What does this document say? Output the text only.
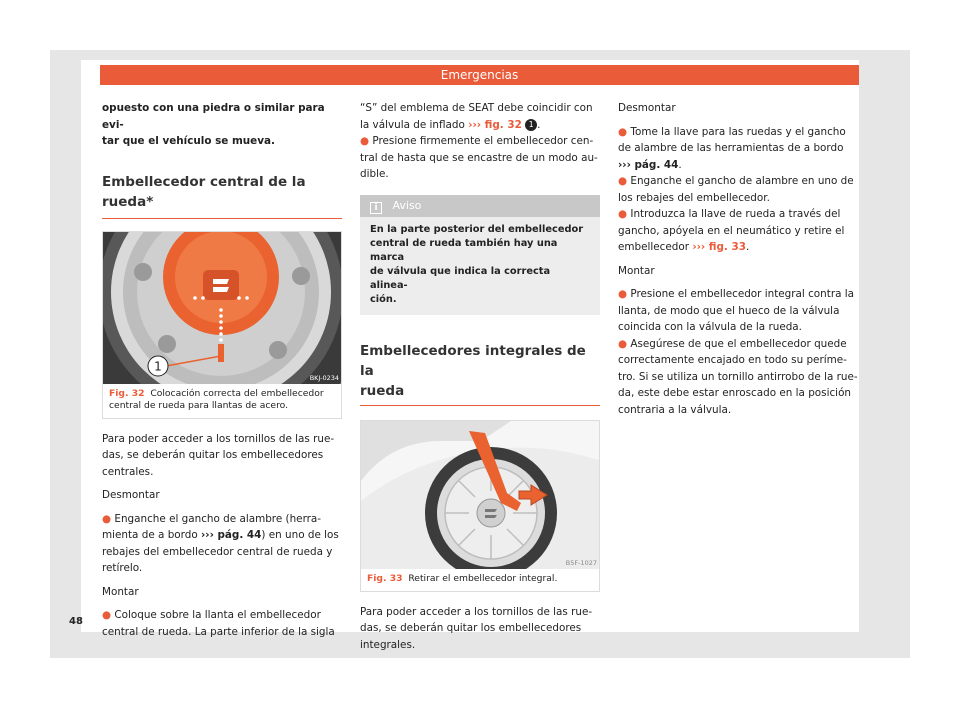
Emergencias

opuesto con una piedra o similar para evi-

tar que el vehículo se mueva.

Embellecedor central de la rueda*
1
BKJ-0234
Fig. 32 Colocación correcta del embellecedor
central de rueda para llantas de acero.

Para poder acceder a los tornillos de las rue-

das, se deberán quitar los embellecedores

centrales.

Desmontar

● Enganche el gancho de alambre (herra-

mienta de a bordo ››› pág. 44) en uno de los

rebajes del embellecedor central de rueda y

retírelo.

Montar

● Coloque sobre la llanta el embellecedor

central de rueda. La parte inferior de la sigla

“S” del emblema de SEAT debe coincidir con

la válvula de inflado ››› fig. 32 1 .

● Presione firmemente el embellecedor cen-

tral de hasta que se encastre de un modo au-

dible.

i Aviso
En la parte posterior del embellecedor
central de rueda también hay una marca
de válvula que indica la correcta alinea-
ción.
Embellecedores integrales de la
rueda
B5F-1027
Fig. 33 Retirar el embellecedor integral.

Para poder acceder a los tornillos de las rue-

das, se deberán quitar los embellecedores

integrales.

Desmontar

● Tome la llave para las ruedas y el gancho

de alambre de las herramientas de a bordo

››› pág. 44.

● Enganche el gancho de alambre en uno de

los rebajes del embellecedor.

● Introduzca la llave de rueda a través del

gancho, apóyela en el neumático y retire el

embellecedor ››› fig. 33.

Montar

● Presione el embellecedor integral contra la

llanta, de modo que el hueco de la válvula

coincida con la válvula de la rueda.

● Asegúrese de que el embellecedor quede

correctamente encajado en todo su períme-

tro. Si se utiliza un tornillo antirrobo de la rue-

da, este debe estar enroscado en la posición

contraria a la válvula.

48
